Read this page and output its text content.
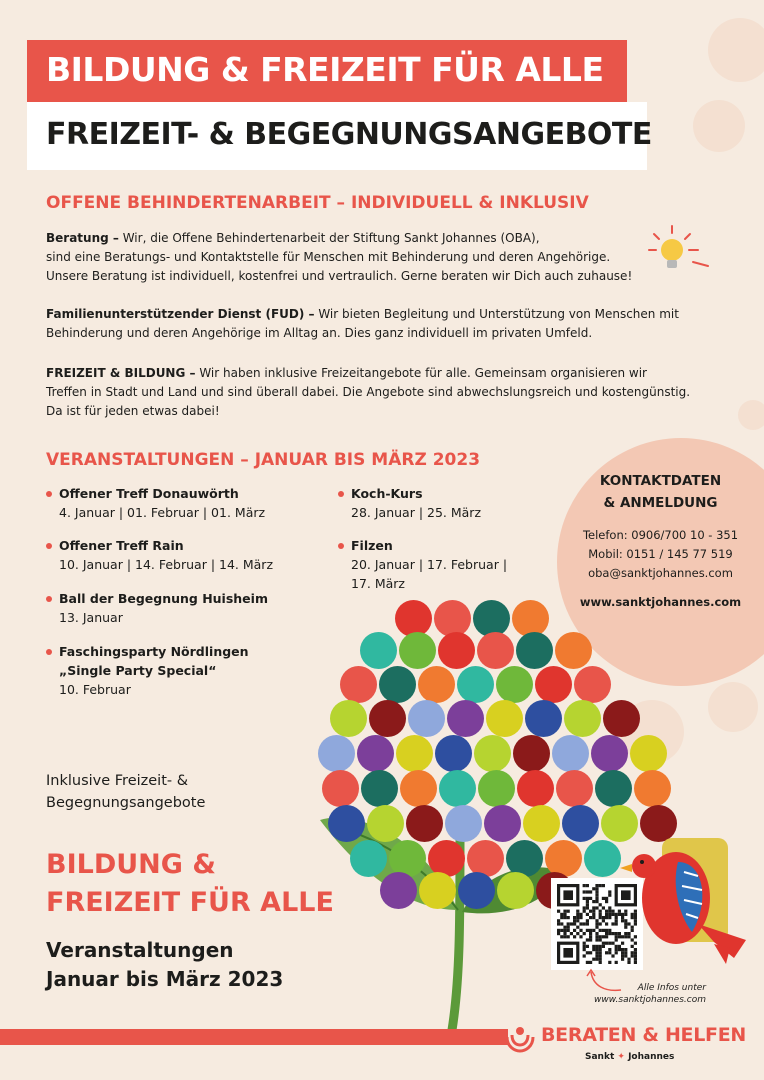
BILDUNG & FREIZEIT FÜR ALLE
FREIZEIT- & BEGEGNUNGSANGEBOTE
OFFENE BEHINDERTENARBEIT – INDIVIDUELL & INKLUSIV
Beratung – Wir, die Offene Behindertenarbeit der Stiftung Sankt Johannes (OBA),
sind eine Beratungs- und Kontaktstelle für Menschen mit Behinderung und deren Angehörige.
Unsere Beratung ist individuell, kostenfrei und vertraulich. Gerne beraten wir Dich auch zuhause!
Familienunterstützender Dienst (FUD) – Wir bieten Begleitung und Unterstützung von Menschen mit
Behinderung und deren Angehörige im Alltag an. Dies ganz individuell im privaten Umfeld.
FREIZEIT & BILDUNG – Wir haben inklusive Freizeitangebote für alle. Gemeinsam organisieren wir
Treffen in Stadt und Land und sind überall dabei. Die Angebote sind abwechslungsreich und kostengünstig.
Da ist für jeden etwas dabei!
VERANSTALTUNGEN – JANUAR BIS MÄRZ 2023
Offener Treff Donauwörth
4. Januar | 01. Februar | 01. März
Offener Treff Rain
10. Januar | 14. Februar | 14. März
Ball der Begegnung Huisheim
13. Januar
Faschingsparty Nördlingen
„Single Party Special“
10. Februar
Koch-Kurs
28. Januar | 25. März
Filzen
20. Januar | 17. Februar |
17. März
KONTAKTDATEN
& ANMELDUNG
Telefon: 0906/700 10 - 351
Mobil: 0151 / 145 77 519
oba@sanktjohannes.com
www.sanktjohannes.com
Inklusive Freizeit- &
Begegnungsangebote
BILDUNG &
FREIZEIT FÜR ALLE
Veranstaltungen
Januar bis März 2023	Alle Infos unter
www.sanktjohannes.com
BERATEN & HELFEN
Sankt ✦ Johannes
